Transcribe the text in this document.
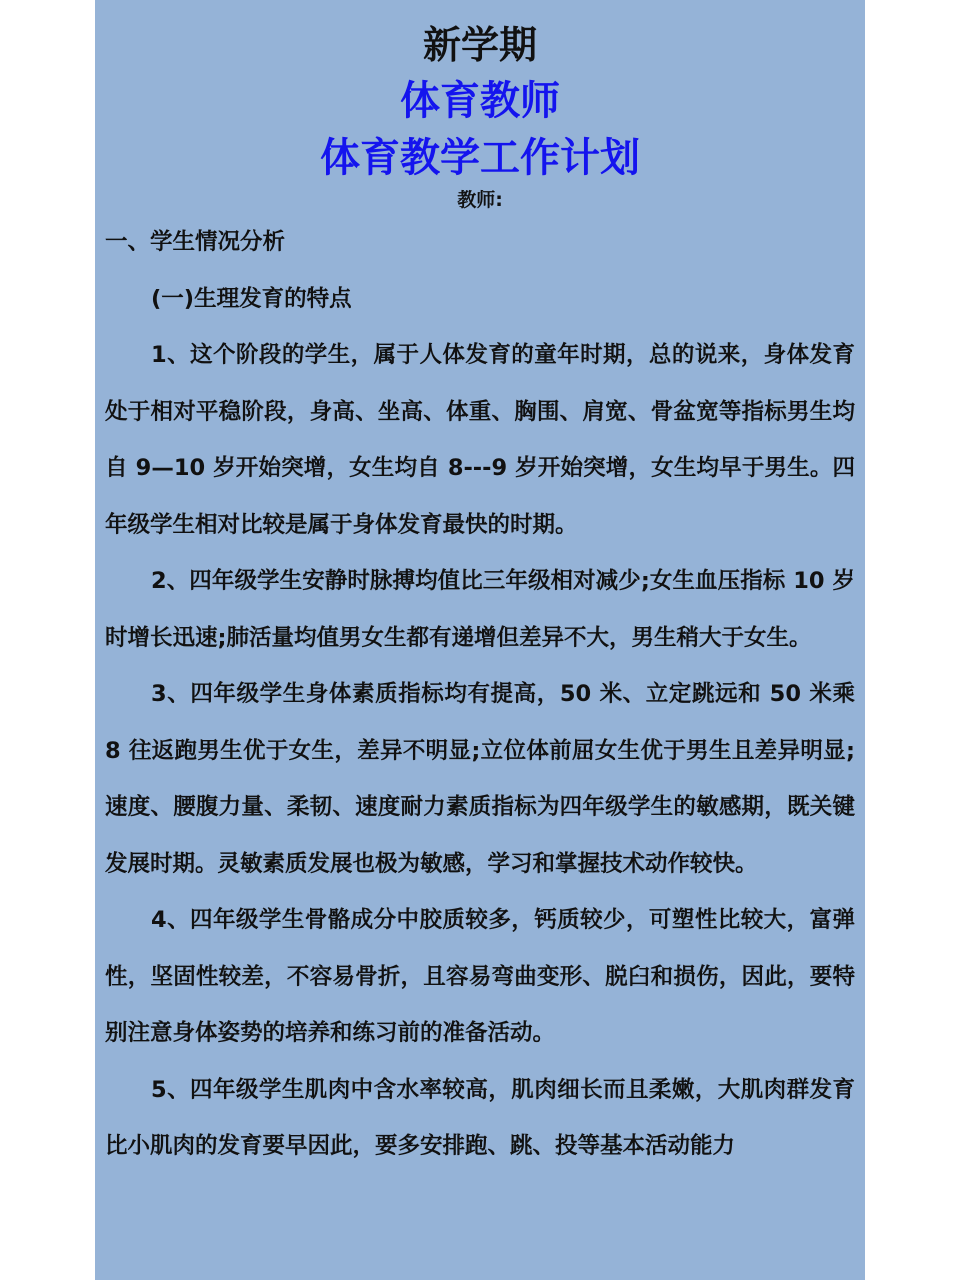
新学期
体育教师
体育教学工作计划
教师:

一、学生情况分析

(一)生理发育的特点

1、这个阶段的学生，属于人体发育的童年时期，总的说来，身体发育处于相对平稳阶段，身高、坐高、体重、胸围、肩宽、骨盆宽等指标男生均自 9—10 岁开始突增，女生均自 8---9 岁开始突增，女生均早于男生。四年级学生相对比较是属于身体发育最快的时期。

2、四年级学生安静时脉搏均值比三年级相对减少;女生血压指标 10 岁时增长迅速;肺活量均值男女生都有递增但差异不大，男生稍大于女生。

3、四年级学生身体素质指标均有提高，50 米、立定跳远和 50 米乘 8 往返跑男生优于女生，差异不明显;立位体前屈女生优于男生且差异明显;速度、腰腹力量、柔韧、速度耐力素质指标为四年级学生的敏感期，既关键发展时期。灵敏素质发展也极为敏感，学习和掌握技术动作较快。

4、四年级学生骨骼成分中胶质较多，钙质较少，可塑性比较大，富弹性，坚固性较差，不容易骨折，且容易弯曲变形、脱臼和损伤，因此，要特别注意身体姿势的培养和练习前的准备活动。

5、四年级学生肌肉中含水率较高，肌肉细长而且柔嫩，大肌肉群发育比小肌肉的发育要早因此，要多安排跑、跳、投等基本活动能力
